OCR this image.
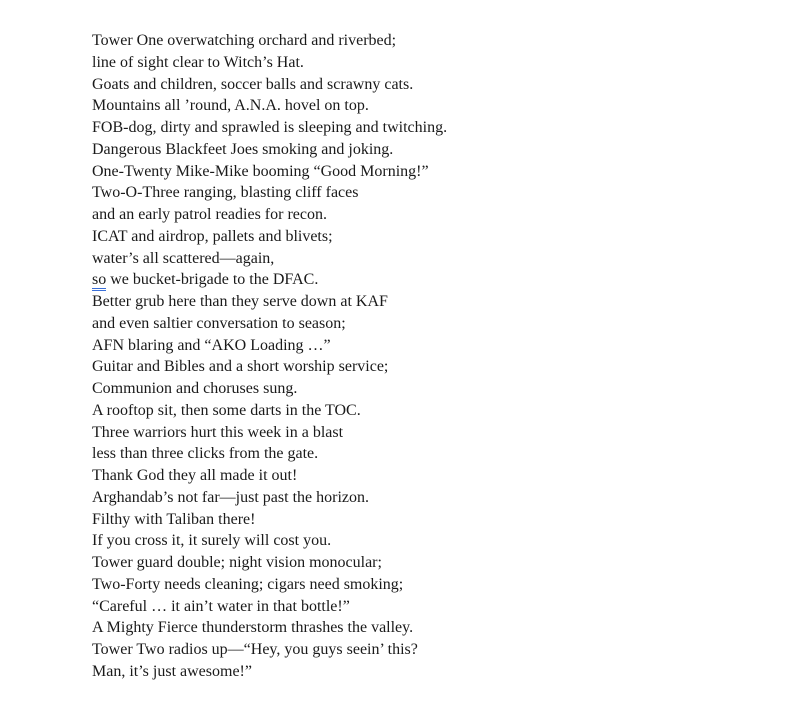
Tower One overwatching orchard and riverbed;
line of sight clear to Witch’s Hat.
Goats and children, soccer balls and scrawny cats.
Mountains all ’round, A.N.A. hovel on top.
FOB-dog, dirty and sprawled is sleeping and twitching.
Dangerous Blackfeet Joes smoking and joking.
One-Twenty Mike-Mike booming “Good Morning!”
Two-O-Three ranging, blasting cliff faces
and an early patrol readies for recon.
ICAT and airdrop, pallets and blivets;
water’s all scattered—again,
so we bucket-brigade to the DFAC.
Better grub here than they serve down at KAF
and even saltier conversation to season;
AFN blaring and “AKO Loading …”
Guitar and Bibles and a short worship service;
Communion and choruses sung.
A rooftop sit, then some darts in the TOC.
Three warriors hurt this week in a blast
less than three clicks from the gate.
Thank God they all made it out!
Arghandab’s not far—just past the horizon.
Filthy with Taliban there!
If you cross it, it surely will cost you.
Tower guard double; night vision monocular;
Two-Forty needs cleaning; cigars need smoking;
“Careful … it ain’t water in that bottle!”
A Mighty Fierce thunderstorm thrashes the valley.
Tower Two radios up—“Hey, you guys seein’ this?
Man, it’s just awesome!”
